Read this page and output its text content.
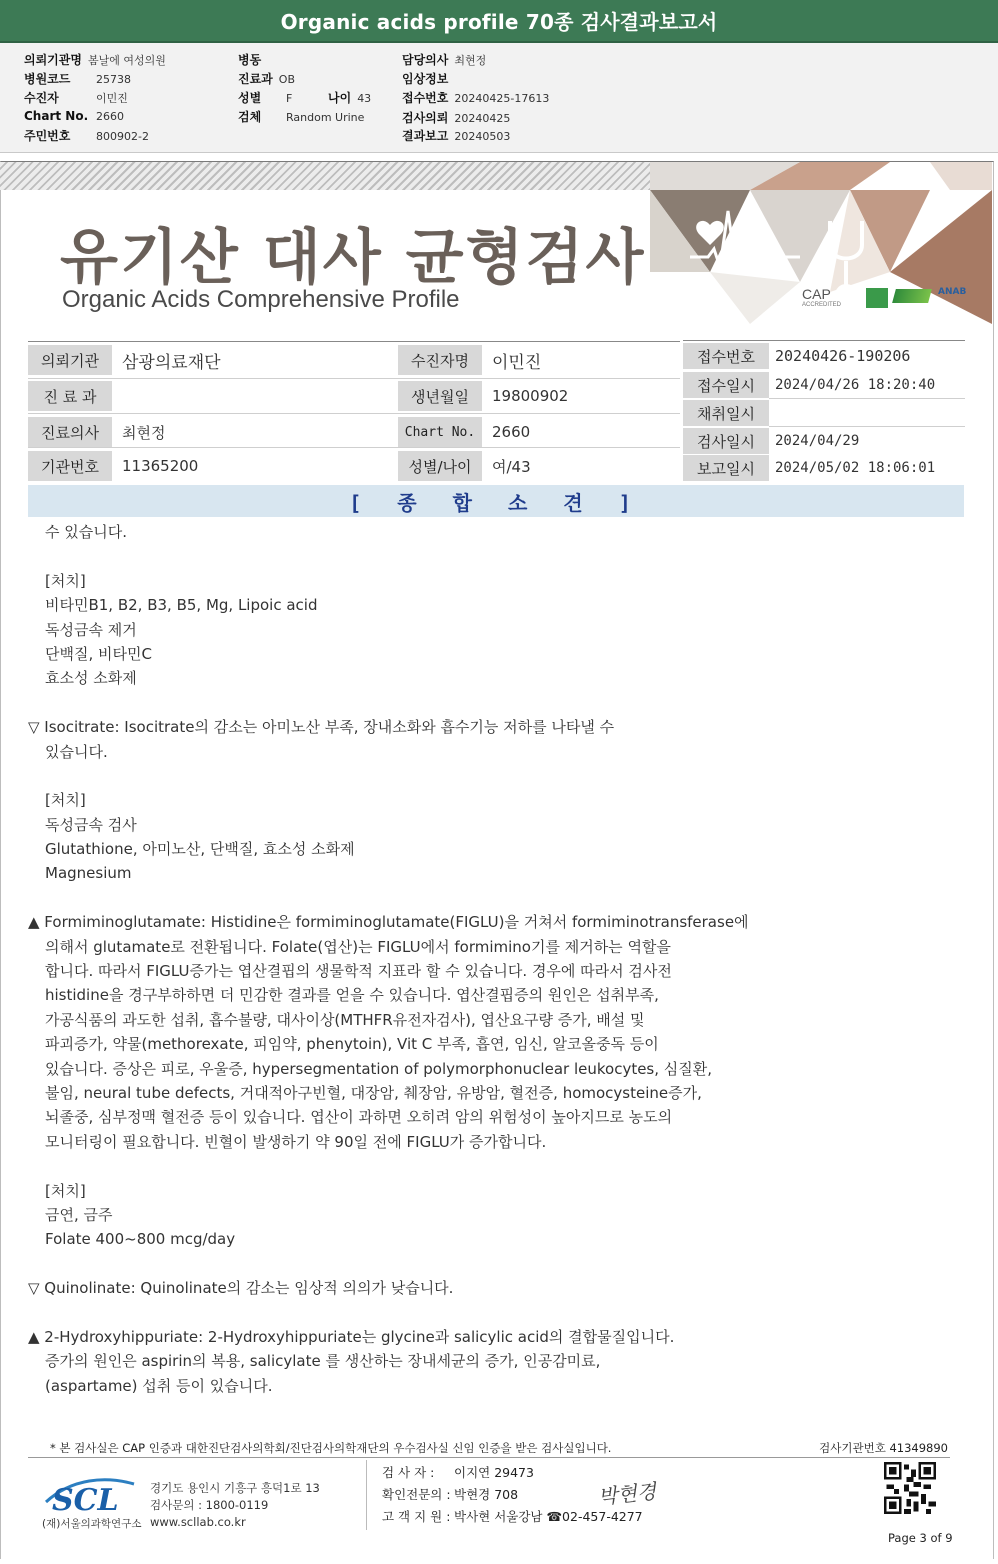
Organic acids profile 70종 검사결과보고서
의뢰기관명 봄날에 여성의원
병원코드 25738
수진자	이민진
Chart No. 2660
주민번호 800902-2
병동
진료과 OB
성별 F	나이 43
검체 Random Urine
담당의사 최현정
임상정보
접수번호 20240425-17613
검사의뢰 20240425
결과보고 20240503
CAP
ACCREDITED
ANAB
유기산 대사 균형검사
Organic Acids Comprehensive Profile
의뢰기관	삼광의료재단
진 료 과
진료의사	최현정
기관번호	11365200
수진자명	이민진
생년월일	19800902
Chart No.	2660
성별/나이	여/43
접수번호	20240426-190206
접수일시	2024/04/26 18:20:40
채취일시
검사일시	2024/04/29
보고일시	2024/05/02 18:06:01
[ 종 합 소 견 ]
수 있습니다.
[처치]
비타민B1, B2, B3, B5, Mg, Lipoic acid
독성금속 제거
단백질, 비타민C
효소성 소화제
▽ Isocitrate: Isocitrate의 감소는 아미노산 부족, 장내소화와 흡수기능 저하를 나타낼 수
있습니다.
[처치]
독성금속 검사
Glutathione, 아미노산, 단백질, 효소성 소화제
Magnesium
▲ Formiminoglutamate: Histidine은 formiminoglutamate(FIGLU)을 거쳐서 formiminotransferase에
의해서 glutamate로 전환됩니다. Folate(엽산)는 FIGLU에서 formimino기를 제거하는 역할을
합니다. 따라서 FIGLU증가는 엽산결핍의 생물학적 지표라 할 수 있습니다. 경우에 따라서 검사전
histidine을 경구부하하면 더 민감한 결과를 얻을 수 있습니다. 엽산결핍증의 원인은 섭취부족,
가공식품의 과도한 섭취, 흡수불량, 대사이상(MTHFR유전자검사), 엽산요구량 증가, 배설 및
파괴증가, 약물(methorexate, 피임약, phenytoin), Vit C 부족, 흡연, 임신, 알코올중독 등이
있습니다. 증상은 피로, 우울증, hypersegmentation of polymorphonuclear leukocytes, 심질환,
불임, neural tube defects, 거대적아구빈혈, 대장암, 췌장암, 유방암, 혈전증, homocysteine증가,
뇌졸중, 심부정맥 혈전증 등이 있습니다. 엽산이 과하면 오히려 암의 위험성이 높아지므로 농도의
모니터링이 필요합니다. 빈혈이 발생하기 약 90일 전에 FIGLU가 증가합니다.
[처치]
금연, 금주
Folate 400~800 mcg/day
▽ Quinolinate: Quinolinate의 감소는 임상적 의의가 낮습니다.
▲ 2-Hydroxyhippuriate: 2-Hydroxyhippuriate는 glycine과 salicylic acid의 결합물질입니다.
증가의 원인은 aspirin의 복용, salicylate 를 생산하는 장내세균의 증가, 인공감미료,
(aspartame) 섭취 등이 있습니다.
* 본 검사실은 CAP 인증과 대한진단검사의학회/진단검사의학재단의 우수검사실 신임 인증을 받은 검사실입니다.	검사기관번호 41349890
SCL
(재)서울의과학연구소
경기도 용인시 기흥구 흥덕1로 13
검사문의 : 1800-0119
www.scllab.co.kr
검 사 자 : 이지연 29473
확인전문의 : 박현경 708
고 객 지 원 : 박사현 서울강남 ☎02-457-4277
박현경
Page 3 of 9
